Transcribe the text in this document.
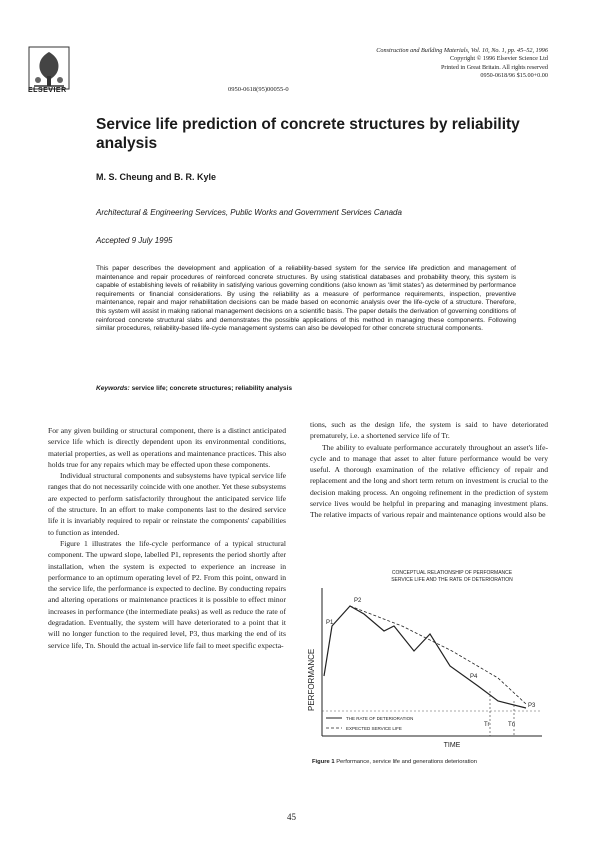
ELSEVIER
Construction and Building Materials, Vol. 10, No. 1, pp. 45–52, 1996
Copyright © 1996 Elsevier Science Ltd
Printed in Great Britain. All rights reserved
0950-0618/96 $15.00+0.00
0950-0618(95)00055-0
Service life prediction of concrete structures by reliability analysis
M. S. Cheung and B. R. Kyle
Architectural & Engineering Services, Public Works and Government Services Canada
Accepted 9 July 1995
This paper describes the development and application of a reliability-based system for the service life prediction and management of maintenance and repair procedures of reinforced concrete structures. By using statistical databases and probability theory, this system is capable of establishing levels of reliability in satisfying various governing conditions (also known as 'limit states') as determined by performance requirements or financial considerations. By using the reliability as a measure of performance requirements, inspection, preventive maintenance, repair and major rehabilitation decisions can be made based on economic analysis over the life-cycle of a structure. Therefore, this system will assist in making rational management decisions on a scientific basis. The paper details the derivation of governing conditions of reinforced concrete structural slabs and demonstrates the possible applications of this method in managing these components. Following similar procedures, reliability-based life-cycle management systems can also be developed for other concrete structural components.
Keywords: service life; concrete structures; reliability analysis

For any given building or structural component, there is a distinct anticipated service life which is directly dependent upon its environmental conditions, material properties, as well as operations and maintenance practices. This also holds true for any repairs which may be effected upon these components.

Individual structural components and subsystems have typical service life ranges that do not necessarily coincide with one another. Yet these subsystems are expected to perform satisfactorily throughout the anticipated service life of the structure. In an effort to make components last to the desired service life it is invariably required to repair or reinstate the components' capabilities to function as intended.

Figure 1 illustrates the life-cycle performance of a typical structural component. The upward slope, labelled P1, represents the period shortly after installation, when the system is expected to experience an increase in performance to an optimum operating level of P2. From this point, onward in the service life, the performance is expected to decline. By conducting repairs and altering operations or maintenance practices it is possible to effect minor increases in performance (the intermediate peaks) as well as reduce the rate of degradation. Eventually, the system will have deteriorated to a point that it will no longer function to the required level, P3, thus marking the end of its service life, Tn. Should the actual in-service life fail to meet specific expecta-

tions, such as the design life, the system is said to have deteriorated prematurely, i.e. a shortened service life of Tr.

The ability to evaluate performance accurately throughout an asset's life-cycle and to manage that asset to alter future performance would be very useful. A thorough examination of the relative efficiency of repair and replacement and the long and short term return on investment is crucial to the decision making process. An ongoing refinement in the prediction of system service lives would be helpful in preparing and managing investment plans. The relative impacts of various repair and maintenance options would also be

CONCEPTUAL RELATIONSHIP OF PERFORMANCE
SERVICE LIFE AND THE RATE OF DETERIORATION
PERFORMANCE
TIME
P1
P2
P3
P4
Tr	Tn
THE RATE OF DETERIORATION
EXPECTED SERVICE LIFE
Figure 1 Performance, service life and generations deterioration
45
